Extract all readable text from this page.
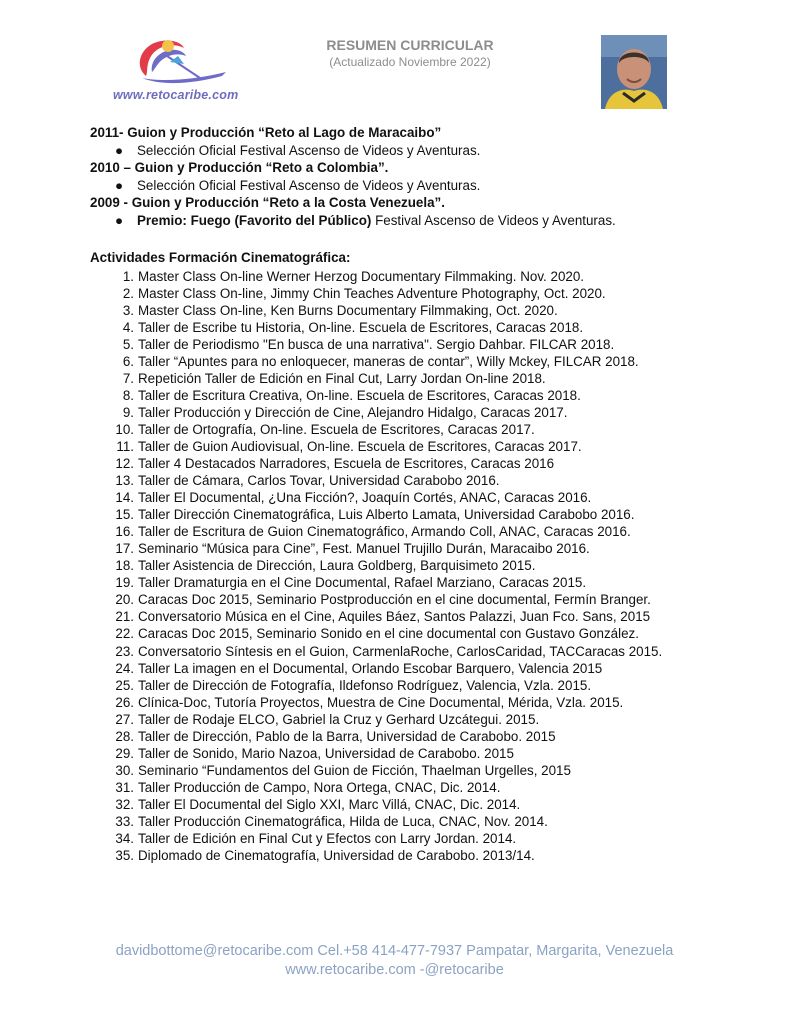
www.retocaribe.com
RESUMEN CURRICULAR
(Actualizado Noviembre 2022)
2011- Guion y Producción “Reto al Lago de Maracaibo”
● Selección Oficial Festival Ascenso de Videos y Aventuras.
2010 – Guion y Producción “Reto a Colombia”.
● Selección Oficial Festival Ascenso de Videos y Aventuras.
2009 - Guion y Producción “Reto a la Costa Venezuela”.
● Premio: Fuego (Favorito del Público) Festival Ascenso de Videos y Aventuras.
Actividades Formación Cinematográfica:
1. Master Class On-line Werner Herzog Documentary Filmmaking. Nov. 2020.
2. Master Class On-line, Jimmy Chin Teaches Adventure Photography, Oct. 2020.
3. Master Class On-line, Ken Burns Documentary Filmmaking, Oct. 2020.
4. Taller de Escribe tu Historia, On-line. Escuela de Escritores, Caracas 2018.
5. Taller de Periodismo "En busca de una narrativa". Sergio Dahbar. FILCAR 2018.
6. Taller “Apuntes para no enloquecer, maneras de contar”, Willy Mckey, FILCAR 2018.
7. Repetición Taller de Edición en Final Cut, Larry Jordan On-line 2018.
8. Taller de Escritura Creativa, On-line. Escuela de Escritores, Caracas 2018.
9. Taller Producción y Dirección de Cine, Alejandro Hidalgo, Caracas 2017.
10. Taller de Ortografía, On-line. Escuela de Escritores, Caracas 2017.
11. Taller de Guion Audiovisual, On-line. Escuela de Escritores, Caracas 2017.
12. Taller 4 Destacados Narradores, Escuela de Escritores, Caracas 2016
13. Taller de Cámara, Carlos Tovar, Universidad Carabobo 2016.
14. Taller El Documental, ¿Una Ficción?, Joaquín Cortés, ANAC, Caracas 2016.
15. Taller Dirección Cinematográfica, Luis Alberto Lamata, Universidad Carabobo 2016.
16. Taller de Escritura de Guion Cinematográfico, Armando Coll, ANAC, Caracas 2016.
17. Seminario “Música para Cine”, Fest. Manuel Trujillo Durán, Maracaibo 2016.
18. Taller Asistencia de Dirección, Laura Goldberg, Barquisimeto 2015.
19. Taller Dramaturgia en el Cine Documental, Rafael Marziano, Caracas 2015.
20. Caracas Doc 2015, Seminario Postproducción en el cine documental, Fermín Branger.
21. Conversatorio Música en el Cine, Aquiles Báez, Santos Palazzi, Juan Fco. Sans, 2015
22. Caracas Doc 2015, Seminario Sonido en el cine documental con Gustavo González.
23. Conversatorio Síntesis en el Guion, CarmenlaRoche, CarlosCaridad, TACCaracas 2015.
24. Taller La imagen en el Documental, Orlando Escobar Barquero, Valencia 2015
25. Taller de Dirección de Fotografía, Ildefonso Rodríguez, Valencia, Vzla. 2015.
26. Clínica-Doc, Tutoría Proyectos, Muestra de Cine Documental, Mérida, Vzla. 2015.
27. Taller de Rodaje ELCO, Gabriel la Cruz y Gerhard Uzcátegui. 2015.
28. Taller de Dirección, Pablo de la Barra, Universidad de Carabobo. 2015
29. Taller de Sonido, Mario Nazoa, Universidad de Carabobo. 2015
30. Seminario “Fundamentos del Guion de Ficción, Thaelman Urgelles, 2015
31. Taller Producción de Campo, Nora Ortega, CNAC, Dic. 2014.
32. Taller El Documental del Siglo XXI, Marc Villá, CNAC, Dic. 2014.
33. Taller Producción Cinematográfica, Hilda de Luca, CNAC, Nov. 2014.
34. Taller de Edición en Final Cut y Efectos con Larry Jordan. 2014.
35. Diplomado de Cinematografía, Universidad de Carabobo. 2013/14.
davidbottome@retocaribe.com Cel.+58 414-477-7937 Pampatar, Margarita, Venezuela
www.retocaribe.com -@retocaribe
